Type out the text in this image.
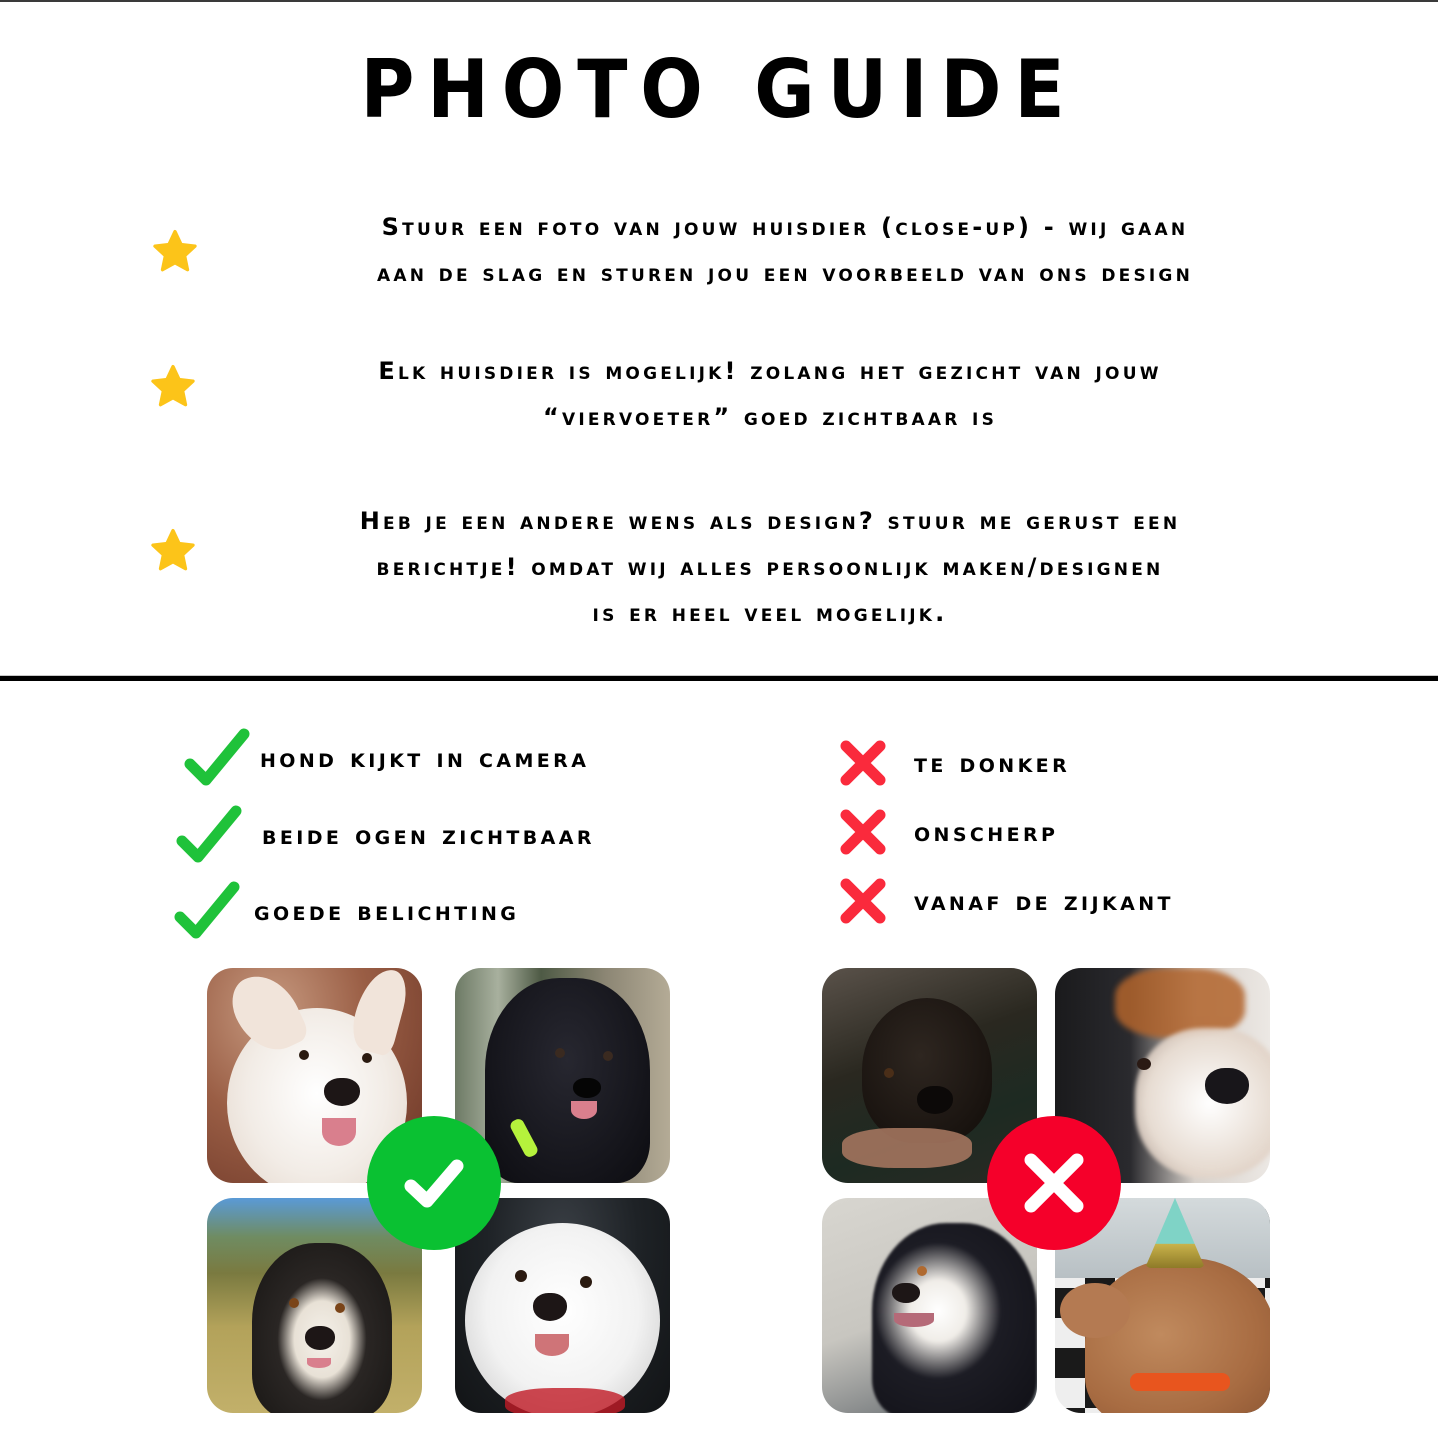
PHOTO GUIDE
Stuur een foto van jouw huisdier (close-up) - wij gaan
aan de slag en sturen jou een voorbeeld van ons design
Elk huisdier is mogelijk! zolang het gezicht van jouw
“viervoeter” goed zichtbaar is
Heb je een andere wens als design? stuur me gerust een
berichtje! omdat wij alles persoonlijk maken/designen
is er heel veel mogelijk.
hond kijkt in camera
beide ogen zichtbaar
goede belichting
te donker
onscherp
vanaf de zijkant
